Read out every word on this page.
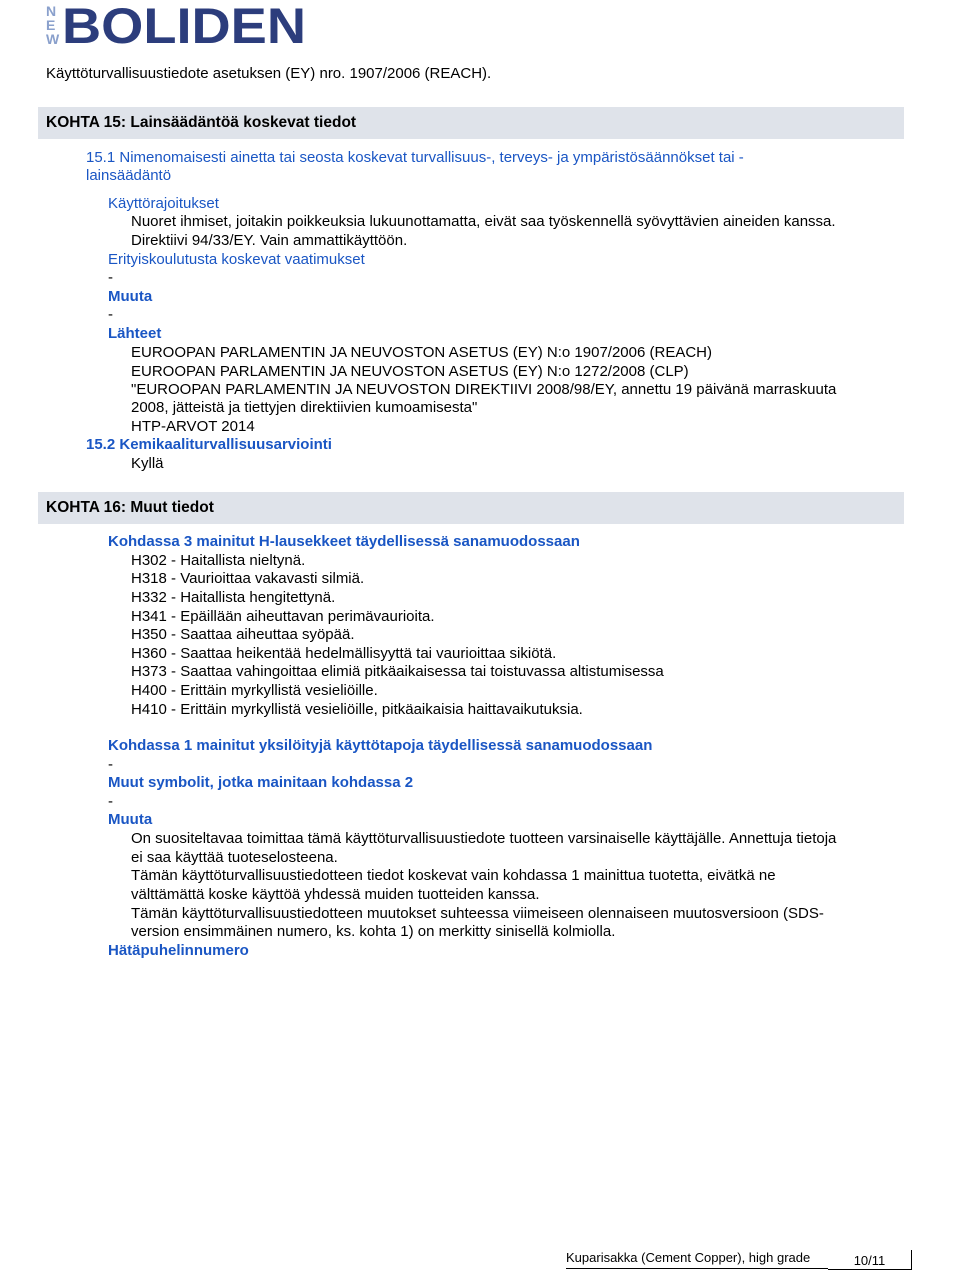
N
E
W BOLIDEN
Käyttöturvallisuustiedote asetuksen (EY) nro. 1907/2006 (REACH).
KOHTA 15: Lainsäädäntöä koskevat tiedot
15.1 Nimenomaisesti ainetta tai seosta koskevat turvallisuus-, terveys- ja ympäristösäännökset tai -
lainsäädäntö
Käyttörajoitukset
Nuoret ihmiset, joitakin poikkeuksia lukuunottamatta, eivät saa työskennellä syövyttävien aineiden kanssa.
Direktiivi 94/33/EY. Vain ammattikäyttöön.
Erityiskoulutusta koskevat vaatimukset
-
Muuta
-
Lähteet
EUROOPAN PARLAMENTIN JA NEUVOSTON ASETUS (EY) N:o 1907/2006 (REACH)
EUROOPAN PARLAMENTIN JA NEUVOSTON ASETUS (EY) N:o 1272/2008 (CLP)
"EUROOPAN PARLAMENTIN JA NEUVOSTON DIREKTIIVI 2008/98/EY, annettu 19 päivänä marraskuuta
2008, jätteistä ja tiettyjen direktiivien kumoamisesta"
HTP-ARVOT 2014
15.2 Kemikaaliturvallisuusarviointi
Kyllä
KOHTA 16: Muut tiedot
Kohdassa 3 mainitut H-lausekkeet täydellisessä sanamuodossaan
H302 - Haitallista nieltynä.
H318 - Vaurioittaa vakavasti silmiä.
H332 - Haitallista hengitettynä.
H341 - Epäillään aiheuttavan perimävaurioita.
H350 - Saattaa aiheuttaa syöpää.
H360 - Saattaa heikentää hedelmällisyyttä tai vaurioittaa sikiötä.
H373 - Saattaa vahingoittaa elimiä pitkäaikaisessa tai toistuvassa altistumisessa
H400 - Erittäin myrkyllistä vesieliöille.
H410 - Erittäin myrkyllistä vesieliöille, pitkäaikaisia haittavaikutuksia.
Kohdassa 1 mainitut yksilöityjä käyttötapoja täydellisessä sanamuodossaan
-
Muut symbolit, jotka mainitaan kohdassa 2
-
Muuta
On suositeltavaa toimittaa tämä käyttöturvallisuustiedote tuotteen varsinaiselle käyttäjälle. Annettuja tietoja
ei saa käyttää tuoteselosteena.
Tämän käyttöturvallisuustiedotteen tiedot koskevat vain kohdassa 1 mainittua tuotetta, eivätkä ne
välttämättä koske käyttöä yhdessä muiden tuotteiden kanssa.
Tämän käyttöturvallisuustiedotteen muutokset suhteessa viimeiseen olennaiseen muutosversioon (SDS-
version ensimmäinen numero, ks. kohta 1) on merkitty sinisellä kolmiolla.
Hätäpuhelinnumero
Kuparisakka (Cement Copper), high grade	10/11
